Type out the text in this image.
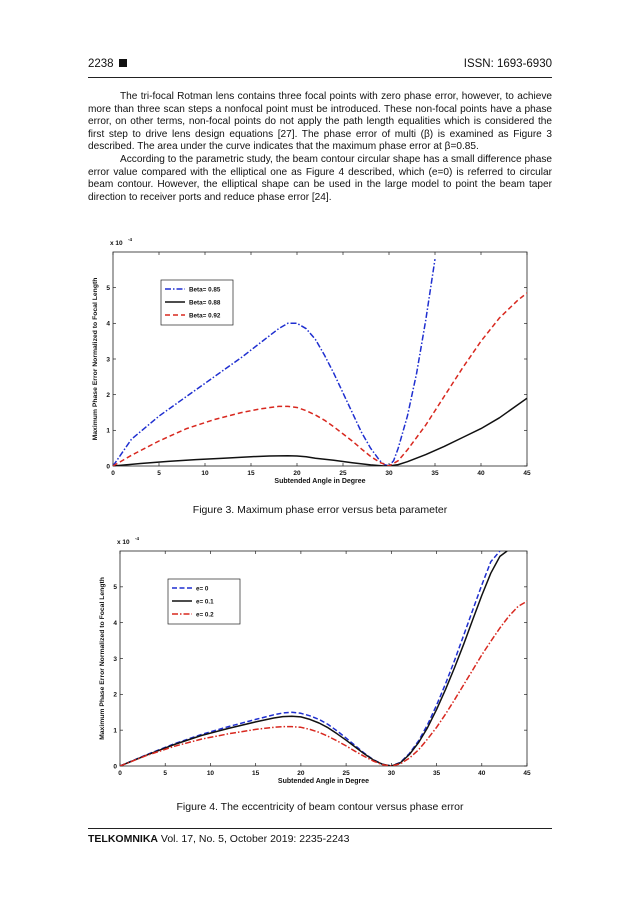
2238	ISSN: 1693-6930

The tri-focal Rotman lens contains three focal points with zero phase error, however, to achieve more than three scan steps a nonfocal point must be introduced. These non-focal points have a phase error, on other terms, non-focal points do not apply the path length equalities which is considered the first step to drive lens design equations [27]. The phase error of multi (β) is examined as Figure 3 described. The area under the curve indicates that the maximum phase error at β=0.85.

According to the parametric study, the beam contour circular shape has a small difference phase error value compared with the elliptical one as Figure 4 described, which (e=0) is referred to circular beam contour. However, the elliptical shape can be used in the large model to point the beam taper direction to receiver ports and reduce phase error [24].

0	5	10	15	20	25	30	35	40	45
0
1
2
3
4
5
x 10
-4
Subtended Angle in Degree
Maximum Phase Error Normalized to Focal Length	Beta= 0.85
Beta= 0.88
Beta= 0.92
Figure 3. Maximum phase error versus beta parameter
0	5	10	15	20	25	30	35	40	45
0
1
2
3
4
5
x 10
-4
Subtended Angle in Degree
Maximum Phase Error Normalized to Focal Length	e= 0
e= 0.1
e= 0.2
Figure 4. The eccentricity of beam contour versus phase error
TELKOMNIKA Vol. 17, No. 5, October 2019: 2235-2243
